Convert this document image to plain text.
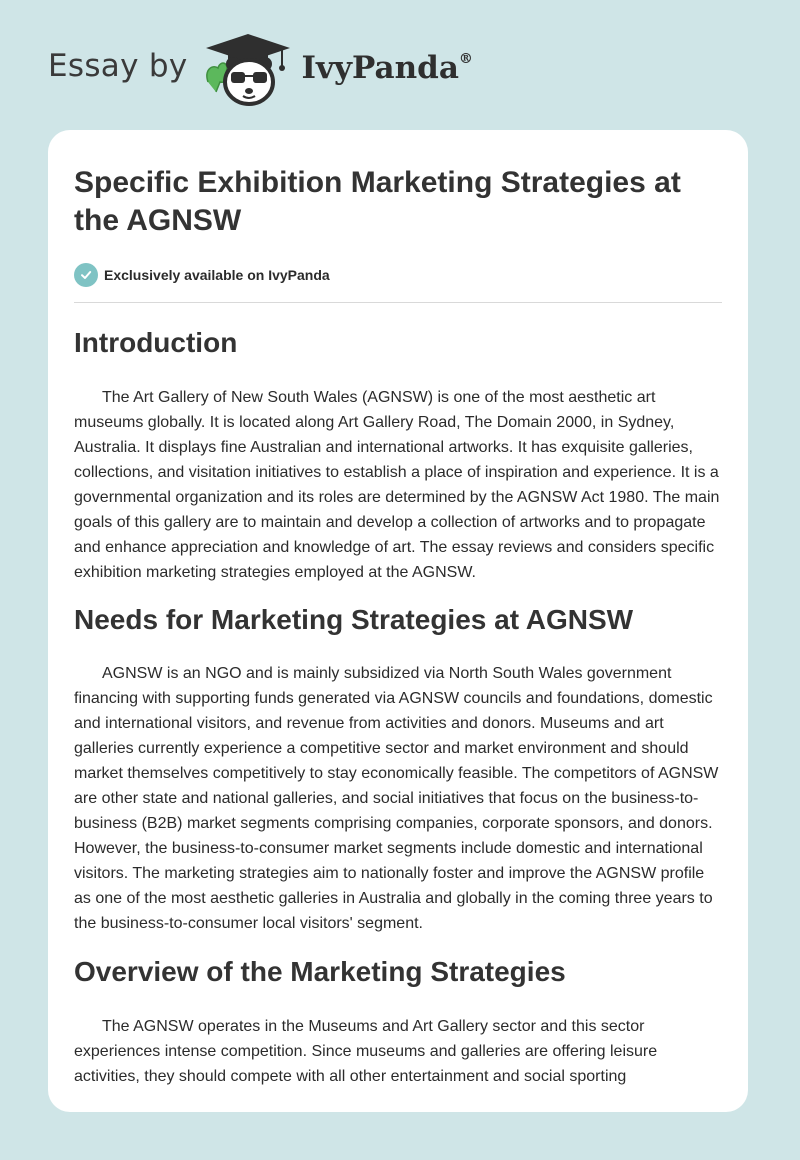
Essay by	IvyPanda®
Specific Exhibition Marketing Strategies at the AGNSW
Exclusively available on IvyPanda
Introduction

The Art Gallery of New South Wales (AGNSW) is one of the most aesthetic art museums globally. It is located along Art Gallery Road, The Domain 2000, in Sydney, Australia. It displays fine Australian and international artworks. It has exquisite galleries, collections, and visitation initiatives to establish a place of inspiration and experience. It is a governmental organization and its roles are determined by the AGNSW Act 1980. The main goals of this gallery are to maintain and develop a collection of artworks and to propagate and enhance appreciation and knowledge of art. The essay reviews and considers specific exhibition marketing strategies employed at the AGNSW.

Needs for Marketing Strategies at AGNSW

AGNSW is an NGO and is mainly subsidized via North South Wales government financing with supporting funds generated via AGNSW councils and foundations, domestic and international visitors, and revenue from activities and donors. Museums and art galleries currently experience a competitive sector and market environment and should market themselves competitively to stay economically feasible. The competitors of AGNSW are other state and national galleries, and social initiatives that focus on the business-to-business (B2B) market segments comprising companies, corporate sponsors, and donors. However, the business-to-consumer market segments include domestic and international visitors. The marketing strategies aim to nationally foster and improve the AGNSW profile as one of the most aesthetic galleries in Australia and globally in the coming three years to the business-to-consumer local visitors' segment.

Overview of the Marketing Strategies

The AGNSW operates in the Museums and Art Gallery sector and this sector experiences intense competition. Since museums and galleries are offering leisure activities, they should compete with all other entertainment and social sporting
